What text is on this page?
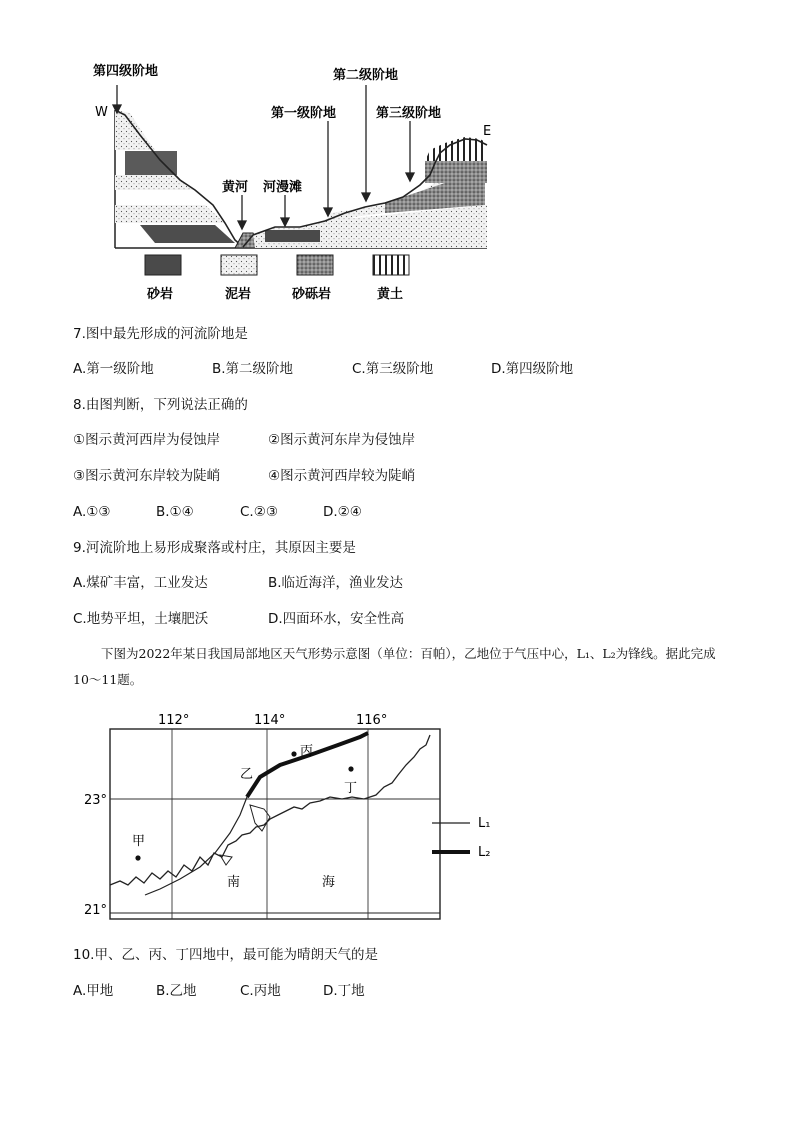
第四级阶地
W
第二级阶地
第一级阶地	第三级阶地
E
黄河 河漫滩
砂岩	泥岩	砂砾岩	黄土
7.图中最先形成的河流阶地是
A.第一级阶地	B.第二级阶地	C.第三级阶地	D.第四级阶地
8.由图判断，下列说法正确的
①图示黄河西岸为侵蚀岸	②图示黄河东岸为侵蚀岸
③图示黄河东岸较为陡峭	④图示黄河西岸较为陡峭
A.①③	B.①④	C.②③	D.②④
9.河流阶地上易形成聚落或村庄，其原因主要是
A.煤矿丰富，工业发达	B.临近海洋，渔业发达
C.地势平坦，土壤肥沃	D.四面环水，安全性高
下图为2022年某日我国局部地区天气形势示意图（单位：百帕），乙地位于气压中心，L₁、L₂为锋线。据此完成10～11题。
甲
乙
丙
丁
南	海
112°	114°	116°
23°
21°
L₁
L₂
10.甲、乙、丙、丁四地中，最可能为晴朗天气的是
A.甲地	B.乙地	C.丙地	D.丁地
